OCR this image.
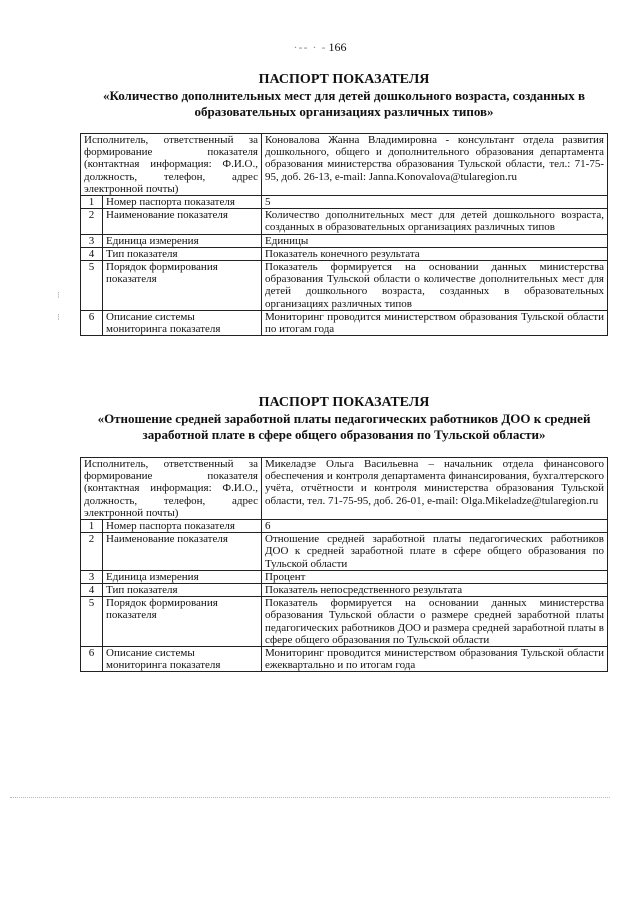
·-‐ · ‐ 166
⁝
⁝
ПАСПОРТ ПОКАЗАТЕЛЯ
«Количество дополнительных мест для детей дошкольного возраста, созданных в образовательных организациях различных типов»
Исполнитель, ответственный за формирование показателя (контактная информация: Ф.И.О., должность, телефон, адрес электронной почты)		Коновалова Жанна Владимировна - консультант отдела развития дошкольного, общего и дополнительного образования департамента образования министерства образования Тульской области, тел.: 71-75-95, доб. 26-13, e-mail: Janna.Konovalova@tularegion.ru
1	Номер паспорта показателя	5
2	Наименование показателя	Количество дополнительных мест для детей дошкольного возраста, созданных в образовательных организациях различных типов
3	Единица измерения	Единицы
4	Тип показателя	Показатель конечного результата
5	Порядок формирования показателя	Показатель формируется на основании данных министерства образования Тульской области о количестве дополнительных мест для детей дошкольного возраста, созданных в образовательных организациях различных типов
6	Описание системы мониторинга показателя	Мониторинг проводится министерством образования Тульской области по итогам года
ПАСПОРТ ПОКАЗАТЕЛЯ
«Отношение средней заработной платы педагогических работников ДОО к средней заработной плате в сфере общего образования по Тульской области»
Исполнитель, ответственный за формирование показателя (контактная информация: Ф.И.О., должность, телефон, адрес электронной почты)		Микеладзе Ольга Васильевна – начальник отдела финансового обеспечения и контроля департамента финансирования, бухгалтерского учёта, отчётности и контроля министерства образования Тульской области, тел. 71-75-95, доб. 26-01, e-mail: Olga.Mikeladze@tularegion.ru
1	Номер паспорта показателя	6
2	Наименование показателя	Отношение средней заработной платы педагогических работников ДОО к средней заработной плате в сфере общего образования по Тульской области
3	Единица измерения	Процент
4	Тип показателя	Показатель непосредственного результата
5	Порядок формирования показателя	Показатель формируется на основании данных министерства образования Тульской области о размере средней заработной платы педагогических работников ДОО и размера средней заработной платы в сфере общего образования по Тульской области
6	Описание системы мониторинга показателя	Мониторинг проводится министерством образования Тульской области ежеквартально и по итогам года
